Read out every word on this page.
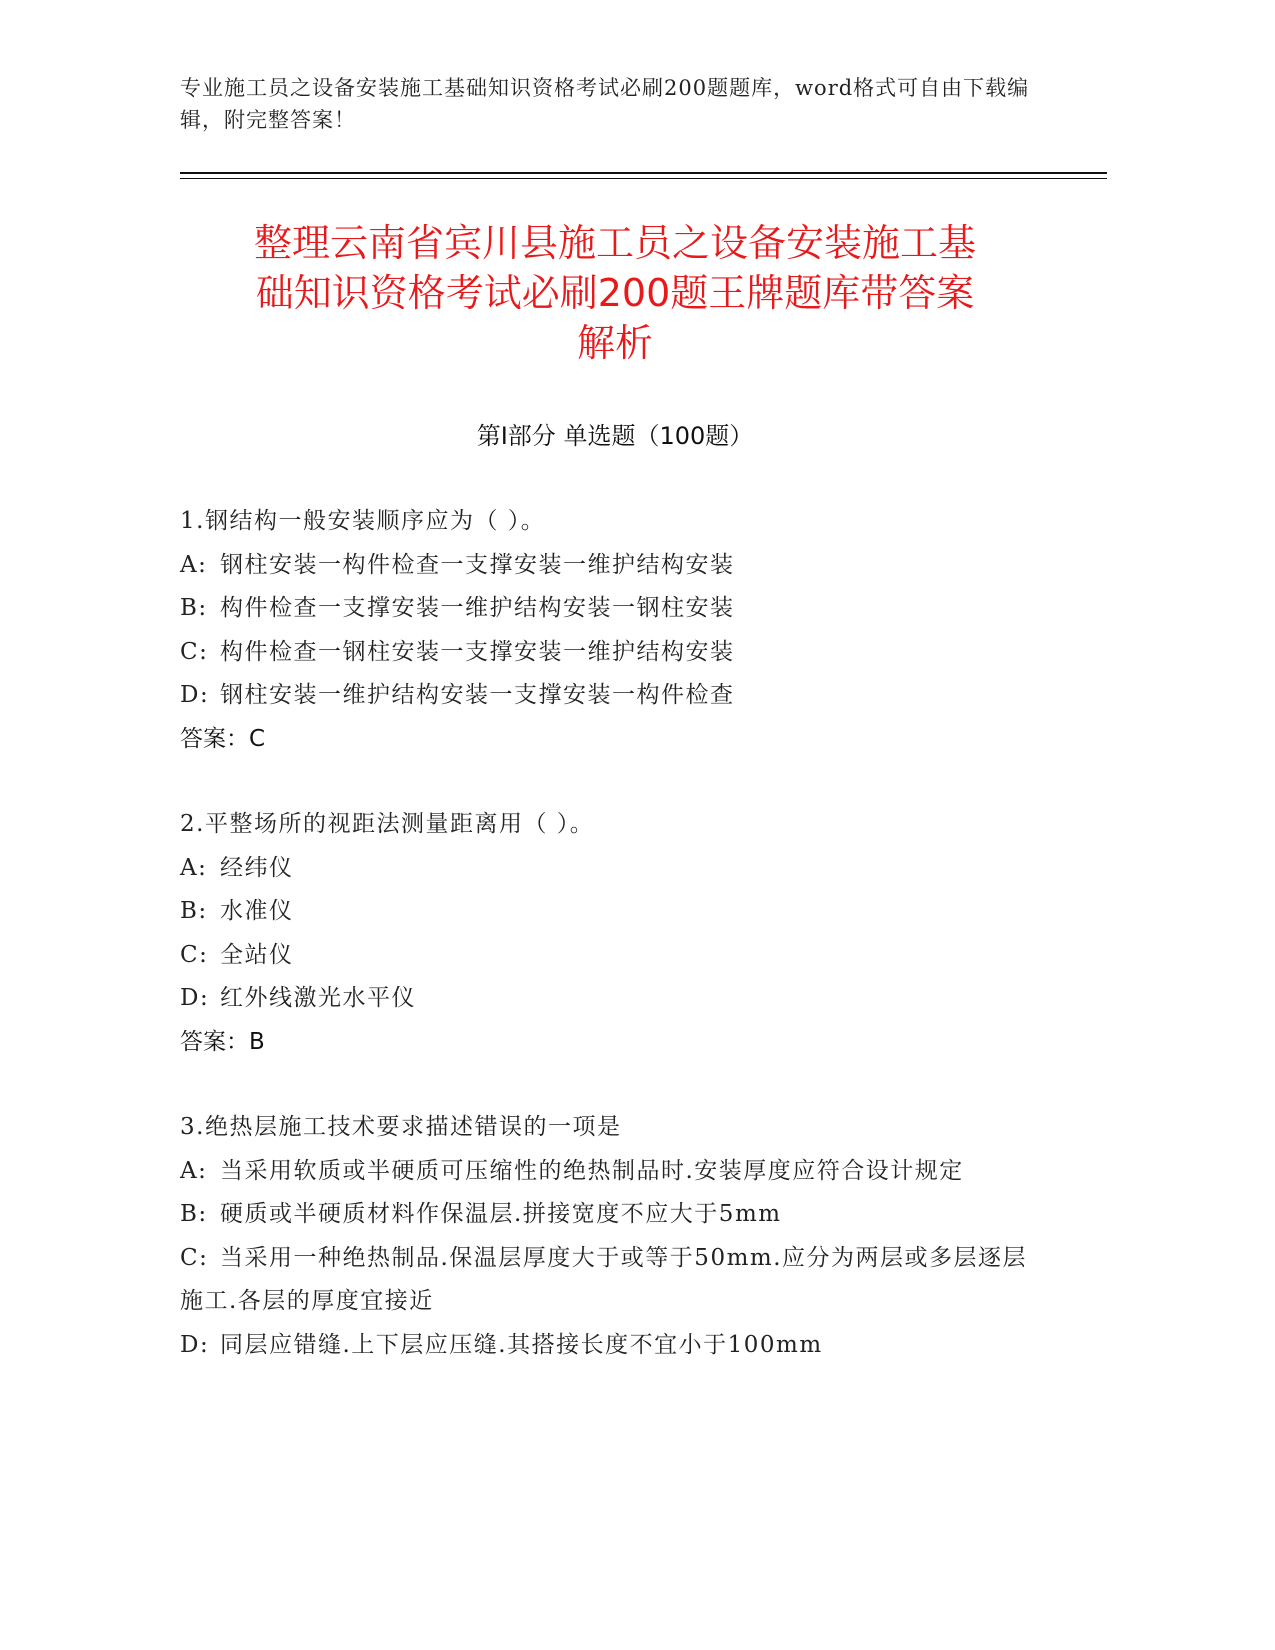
专业施工员之设备安装施工基础知识资格考试必刷200题题库，word格式可自由下载编辑，附完整答案！
整理云南省宾川县施工员之设备安装施工基
础知识资格考试必刷200题王牌题库带答案
解析
第Ⅰ部分 单选题（100题）
1.钢结构一般安装顺序应为（ ）。
A: 钢柱安装一构件检查一支撑安装一维护结构安装
B: 构件检查一支撑安装一维护结构安装一钢柱安装
C: 构件检查一钢柱安装一支撑安装一维护结构安装
D: 钢柱安装一维护结构安装一支撑安装一构件检查
答案：C
2.平整场所的视距法测量距离用（ ）。
A: 经纬仪
B: 水准仪
C: 全站仪
D: 红外线激光水平仪
答案：B
3.绝热层施工技术要求描述错误的一项是
A: 当采用软质或半硬质可压缩性的绝热制品时.安装厚度应符合设计规定
B: 硬质或半硬质材料作保温层.拼接宽度不应大于5mm
C: 当采用一种绝热制品.保温层厚度大于或等于50mm.应分为两层或多层逐层施工.各层的厚度宜接近
D: 同层应错缝.上下层应压缝.其搭接长度不宜小于100mm
